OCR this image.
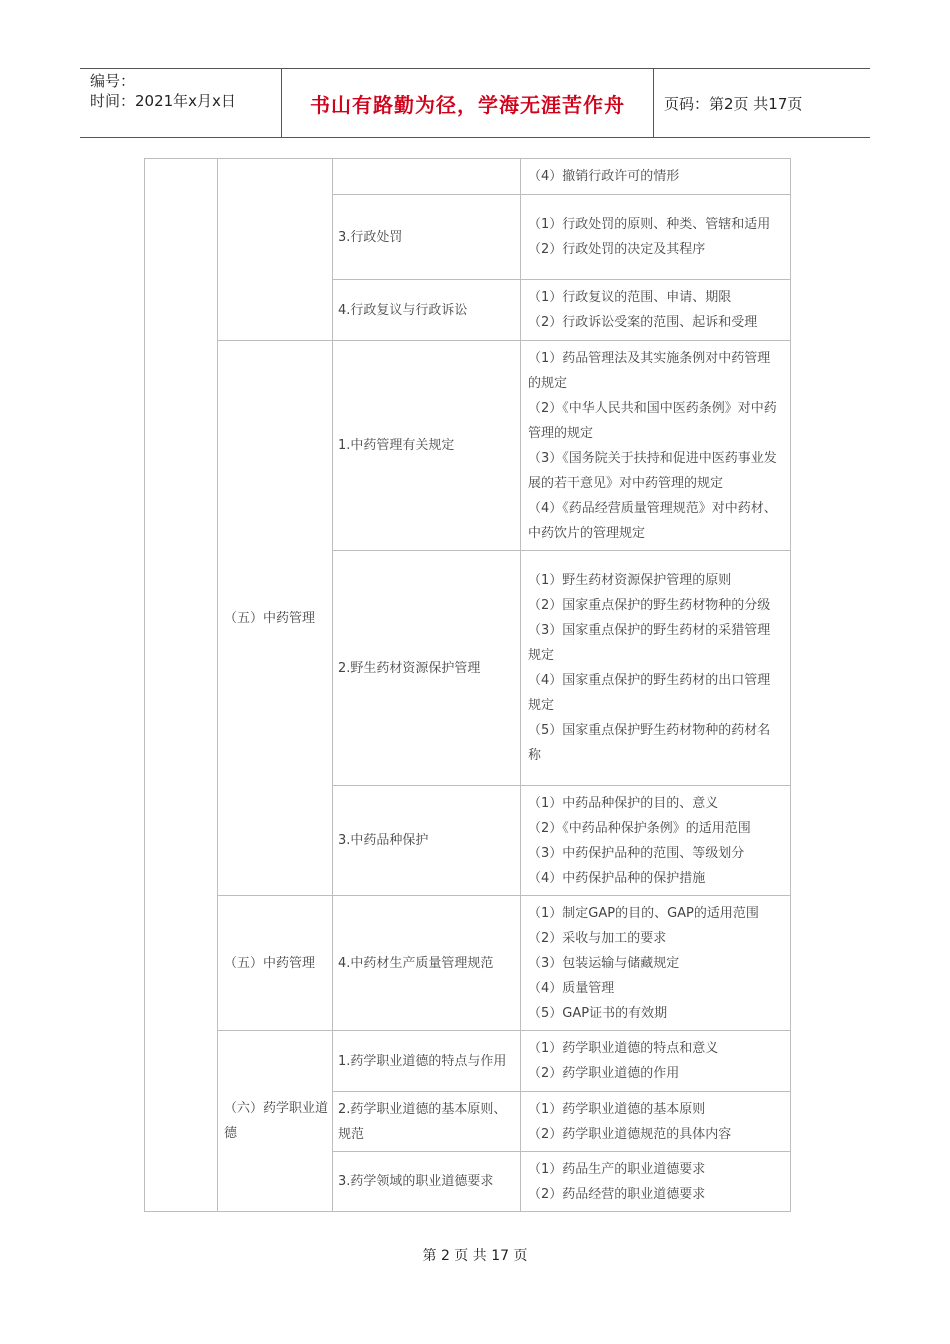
编号：
时间：2021年x月x日	书山有路勤为径，学海无涯苦作舟	页码：第2页 共17页
（五）中药管理
（五）中药管理
（六）药学职业道德
3.行政处罚
4.行政复议与行政诉讼
1.中药管理有关规定
2.野生药材资源保护管理
3.中药品种保护
4.中药材生产质量管理规范
1.药学职业道德的特点与作用
2.药学职业道德的基本原则、规范
3.药学领域的职业道德要求

（4）撤销行政许可的情形

（1）行政处罚的原则、种类、管辖和适用

（2）行政处罚的决定及其程序

（1）行政复议的范围、申请、期限

（2）行政诉讼受案的范围、起诉和受理

（1）药品管理法及其实施条例对中药管理的规定

（2）《中华人民共和国中医药条例》对中药管理的规定

（3）《国务院关于扶持和促进中医药事业发展的若干意见》对中药管理的规定

（4）《药品经营质量管理规范》对中药材、中药饮片的管理规定

（1）野生药材资源保护管理的原则

（2）国家重点保护的野生药材物种的分级

（3）国家重点保护的野生药材的采猎管理规定

（4）国家重点保护的野生药材的出口管理规定

（5）国家重点保护野生药材物种的药材名称

（1）中药品种保护的目的、意义

（2）《中药品种保护条例》的适用范围

（3）中药保护品种的范围、等级划分

（4）中药保护品种的保护措施

（1）制定GAP的目的、GAP的适用范围

（2）采收与加工的要求

（3）包装运输与储藏规定

（4）质量管理

（5）GAP证书的有效期

（1）药学职业道德的特点和意义

（2）药学职业道德的作用

（1）药学职业道德的基本原则

（2）药学职业道德规范的具体内容

（1）药品生产的职业道德要求

（2）药品经营的职业道德要求

第 2 页 共 17 页
